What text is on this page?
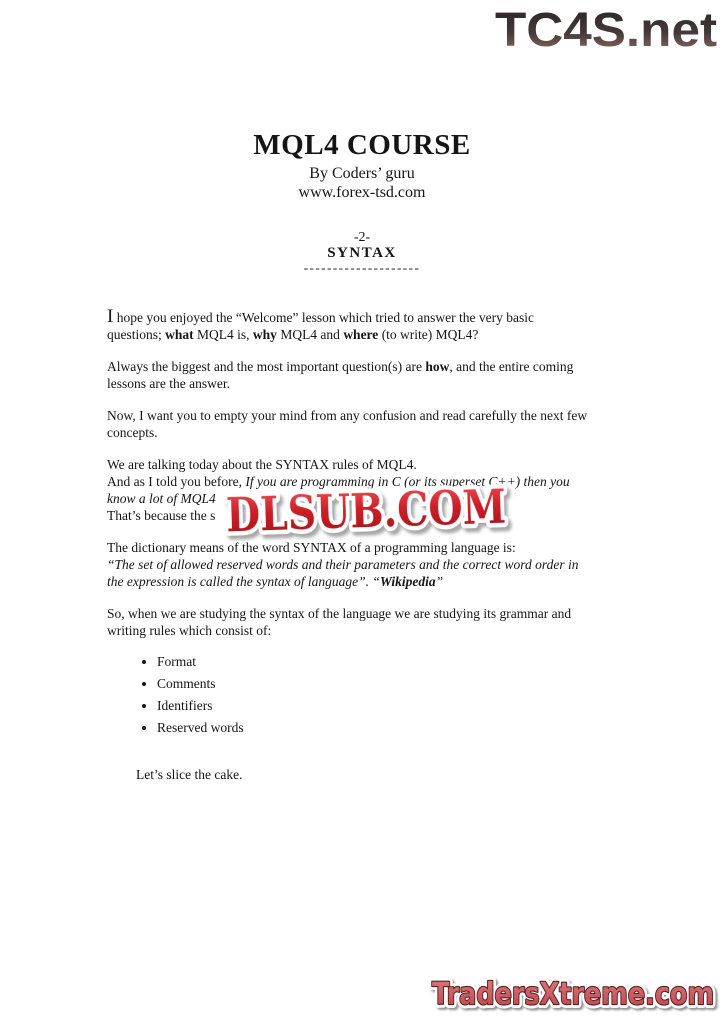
TC4S.net
MQL4 COURSE
By Coders’ guru
www.forex-tsd.com
-2-
SYNTAX
--------------------

I hope you enjoyed the “Welcome” lesson which tried to answer the very basic
questions; what MQL4 is, why MQL4 and where (to write) MQL4?

Always the biggest and the most important question(s) are how, and the entire coming
lessons are the answer.

Now, I want you to empty your mind from any confusion and read carefully the next few
concepts.

We are talking today about the SYNTAX rules of MQL4.
And as I told you before, If you are programming in C (or its superset C++) then you
know a lot of MQL4
That’s because the s

The dictionary means of the word SYNTAX of a programming language is:
“The set of allowed reserved words and their parameters and the correct word order in
the expression is called the syntax of language”. “Wikipedia”

So, when we are studying the syntax of the language we are studying its grammar and
writing rules which consist of:

• Format
• Comments
• Identifiers
• Reserved words

Let’s slice the cake.

DLSUB.COM
TradersXtreme.com
TradersXtreme.com
